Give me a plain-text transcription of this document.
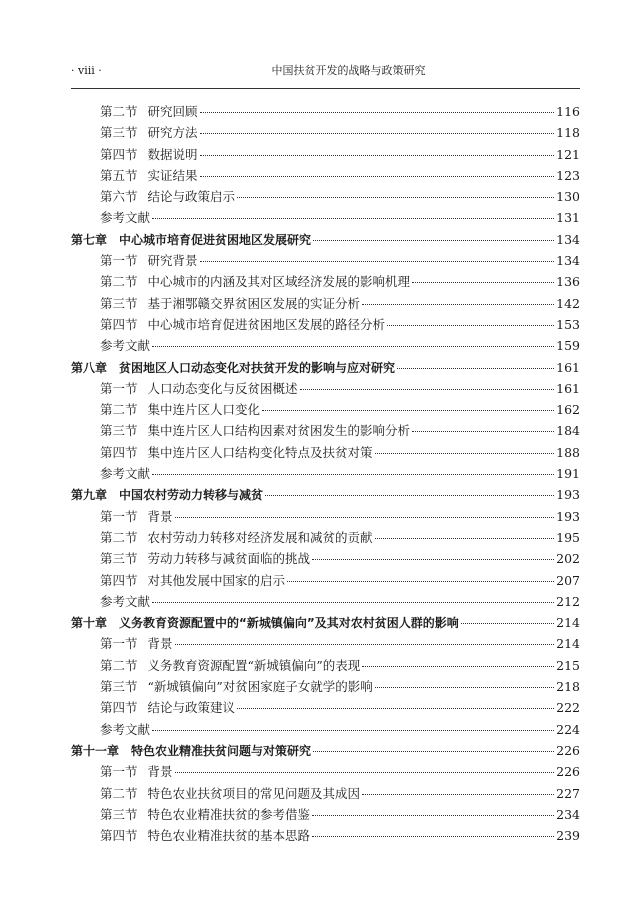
· viii ·	中国扶贫开发的战略与政策研究
第二节 研究回顾	116
第三节 研究方法	118
第四节 数据说明	121
第五节 实证结果	123
第六节 结论与政策启示	130
参考文献	131
第七章 中心城市培育促进贫困地区发展研究	134
第一节 研究背景	134
第二节 中心城市的内涵及其对区域经济发展的影响机理	136
第三节 基于湘鄂赣交界贫困区发展的实证分析	142
第四节 中心城市培育促进贫困地区发展的路径分析	153
参考文献	159
第八章 贫困地区人口动态变化对扶贫开发的影响与应对研究	161
第一节 人口动态变化与反贫困概述	161
第二节 集中连片区人口变化	162
第三节 集中连片区人口结构因素对贫困发生的影响分析	184
第四节 集中连片区人口结构变化特点及扶贫对策	188
参考文献	191
第九章 中国农村劳动力转移与减贫	193
第一节 背景	193
第二节 农村劳动力转移对经济发展和减贫的贡献	195
第三节 劳动力转移与减贫面临的挑战	202
第四节 对其他发展中国家的启示	207
参考文献	212
第十章 义务教育资源配置中的“新城镇偏向”及其对农村贫困人群的影响	214
第一节 背景	214
第二节 义务教育资源配置“新城镇偏向”的表现	215
第三节 “新城镇偏向”对贫困家庭子女就学的影响	218
第四节 结论与政策建议	222
参考文献	224
第十一章 特色农业精准扶贫问题与对策研究	226
第一节 背景	226
第二节 特色农业扶贫项目的常见问题及其成因	227
第三节 特色农业精准扶贫的参考借鉴	234
第四节 特色农业精准扶贫的基本思路	239
